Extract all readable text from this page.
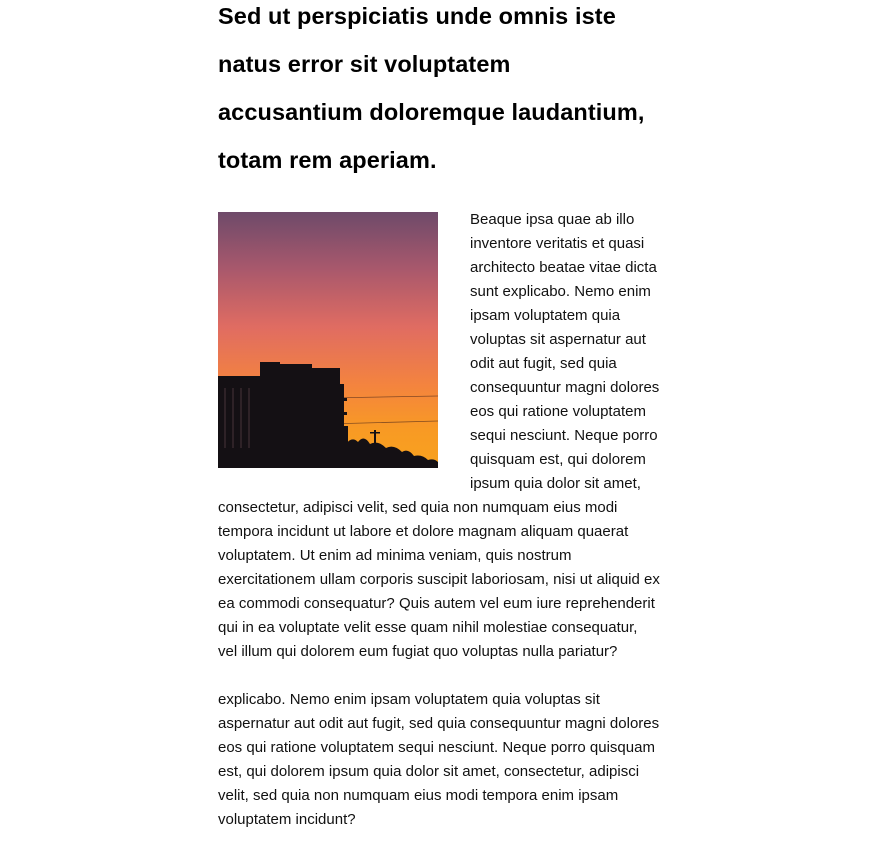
Sed ut perspiciatis unde omnis iste natus error sit voluptatem accusantium doloremque laudantium, totam rem aperiam.
Beaque ipsa quae ab illo inventore veritatis et quasi architecto beatae vitae dicta sunt explicabo. Nemo enim ipsam voluptatem quia voluptas sit aspernatur aut odit aut fugit, sed quia consequuntur magni dolores eos qui ratione voluptatem sequi nesciunt. Neque porro quisquam est, qui dolorem ipsum quia dolor sit amet, consectetur, adipisci velit, sed quia non numquam eius modi tempora incidunt ut labore et dolore magnam aliquam quaerat voluptatem. Ut enim ad minima veniam, quis nostrum exercitationem ullam corporis suscipit laboriosam, nisi ut aliquid ex ea commodi consequatur? Quis autem vel eum iure reprehenderit qui in ea voluptate velit esse quam nihil molestiae consequatur, vel illum qui dolorem eum fugiat quo voluptas nulla pariatur?

explicabo. Nemo enim ipsam voluptatem quia voluptas sit aspernatur aut odit aut fugit, sed quia consequuntur magni dolores eos qui ratione voluptatem sequi nesciunt. Neque porro quisquam est, qui dolorem ipsum quia dolor sit amet, consectetur, adipisci velit, sed quia non numquam eius modi tempora enim ipsam voluptatem incidunt?
